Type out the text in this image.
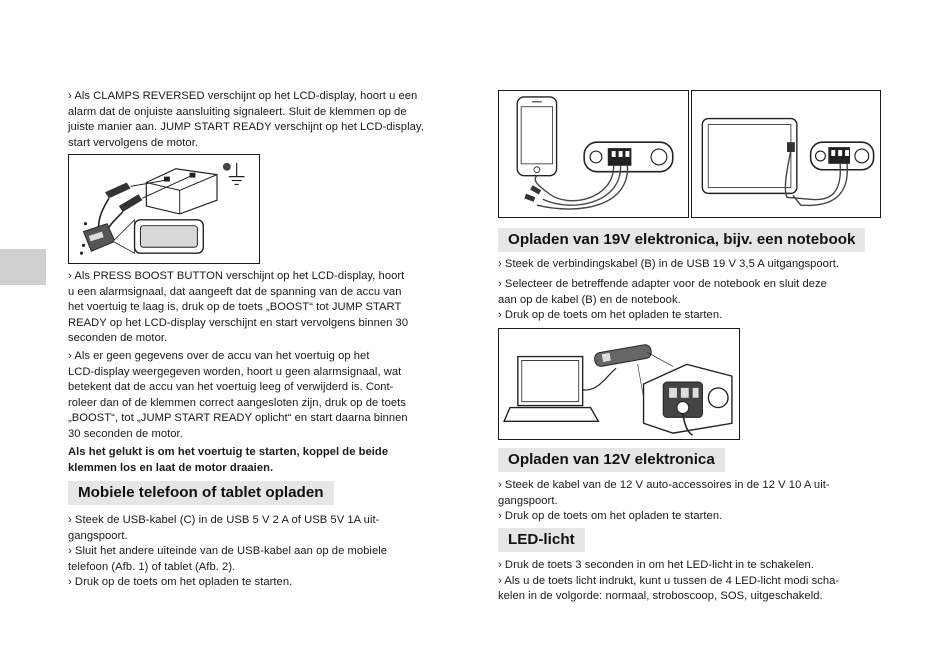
› Als CLAMPS REVERSED verschijnt op het LCD-display, hoort u een
alarm dat de onjuiste aansluiting signaleert. Sluit de klemmen op de
juiste manier aan. JUMP START READY verschijnt op het LCD-display,
start vervolgens de motor.
› Als PRESS BOOST BUTTON verschijnt op het LCD-display, hoort
u een alarmsignaal, dat aangeeft dat de spanning van de accu van
het voertuig te laag is, druk op de toets „BOOST“ tot JUMP START
READY op het LCD-display verschijnt en start vervolgens binnen 30
seconden de motor.
› Als er geen gegevens over de accu van het voertuig op het
LCD-display weergegeven worden, hoort u geen alarmsignaal, wat
betekent dat de accu van het voertuig leeg of verwijderd is. Cont-
roleer dan of de klemmen correct aangesloten zijn, druk op de toets
„BOOST“, tot „JUMP START READY oplicht“ en start daarna binnen
30 seconden de motor.
Als het gelukt is om het voertuig te starten, koppel de beide
klemmen los en laat de motor draaien.
Mobiele telefoon of tablet opladen
› Steek de USB-kabel (C) in de USB 5 V 2 A of USB 5V 1A uit-
gangspoort.
› Sluit het andere uiteinde van de USB-kabel aan op de mobiele
telefoon (Afb. 1) of tablet (Afb. 2).
› Druk op de toets om het opladen te starten.
Opladen van 19V elektronica, bijv. een notebook
› Steek de verbindingskabel (B) in de USB 19 V 3,5 A uitgangspoort.
› Selecteer de betreffende adapter voor de notebook en sluit deze
aan op de kabel (B) en de notebook.
› Druk op de toets om het opladen te starten.
Opladen van 12V elektronica
› Steek de kabel van de 12 V auto-accessoires in de 12 V 10 A uit-
gangspoort.
› Druk op de toets om het opladen te starten.
LED-licht
› Druk de toets 3 seconden in om het LED-licht in te schakelen.
› Als u de toets licht indrukt, kunt u tussen de 4 LED-licht modi scha-
kelen in de volgorde: normaal, stroboscoop, SOS, uitgeschakeld.
